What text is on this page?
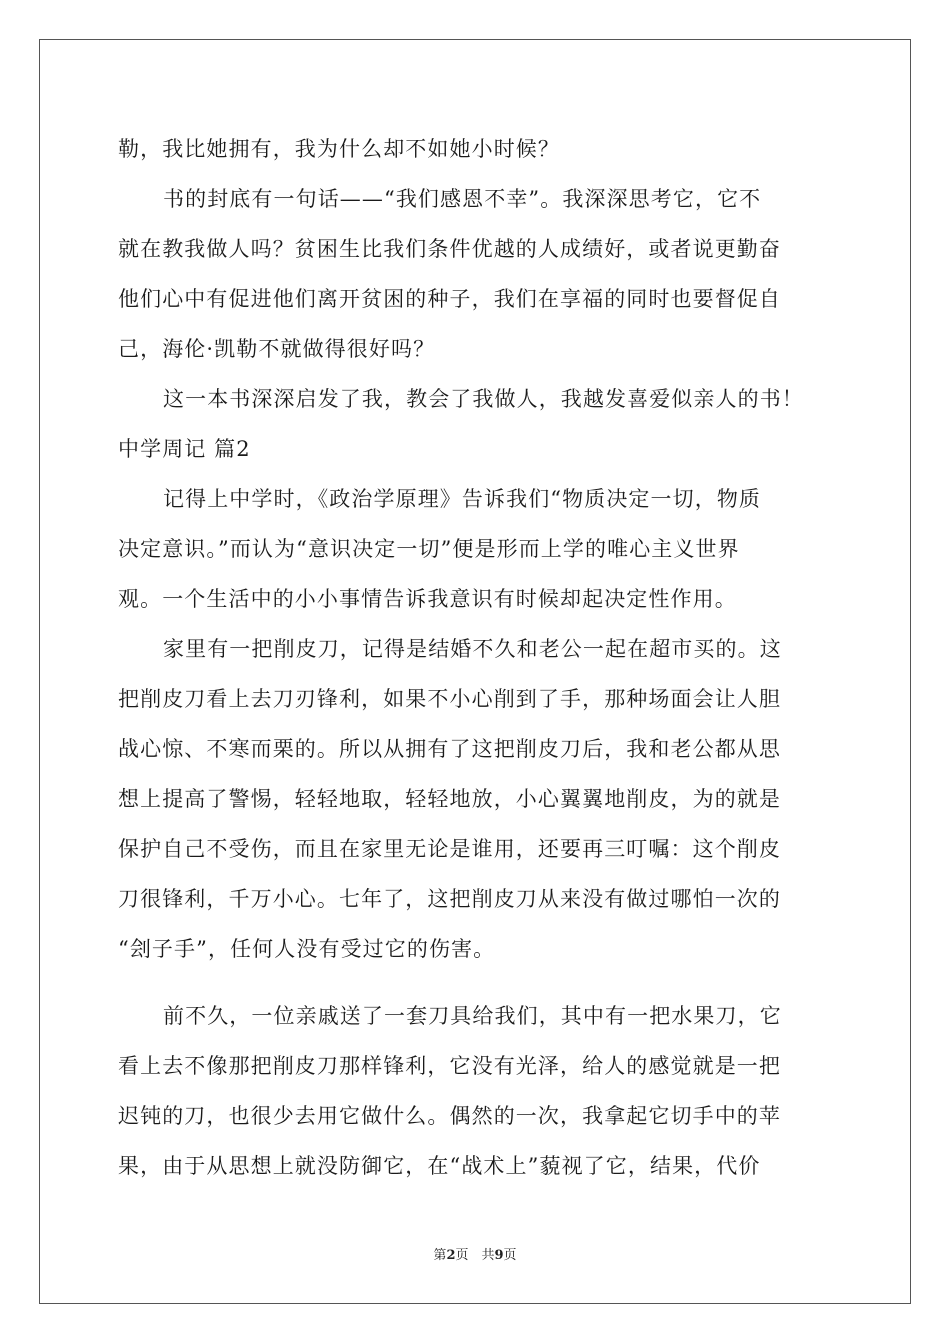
勒，我比她拥有，我为什么却不如她小时候？
书的封底有一句话——“我们感恩不幸”。我深深思考它，它不
就在教我做人吗？贫困生比我们条件优越的人成绩好，或者说更勤奋
他们心中有促进他们离开贫困的种子，我们在享福的同时也要督促自
己，海伦·凯勒不就做得很好吗？
这一本书深深启发了我，教会了我做人，我越发喜爱似亲人的书！
中学周记 篇2
记得上中学时，《政治学原理》告诉我们“物质决定一切，物质
决定意识。”而认为“意识决定一切”便是形而上学的唯心主义世界
观。一个生活中的小小事情告诉我意识有时候却起决定性作用。
家里有一把削皮刀，记得是结婚不久和老公一起在超市买的。这
把削皮刀看上去刀刃锋利，如果不小心削到了手，那种场面会让人胆
战心惊、不寒而栗的。所以从拥有了这把削皮刀后，我和老公都从思
想上提高了警惕，轻轻地取，轻轻地放，小心翼翼地削皮，为的就是
保护自己不受伤，而且在家里无论是谁用，还要再三叮嘱：这个削皮
刀很锋利，千万小心。七年了，这把削皮刀从来没有做过哪怕一次的
“刽子手”，任何人没有受过它的伤害。
前不久，一位亲戚送了一套刀具给我们，其中有一把水果刀，它
看上去不像那把削皮刀那样锋利，它没有光泽，给人的感觉就是一把
迟钝的刀，也很少去用它做什么。偶然的一次，我拿起它切手中的苹
果，由于从思想上就没防御它，在“战术上”藐视了它，结果，代价
第2页　共9页
